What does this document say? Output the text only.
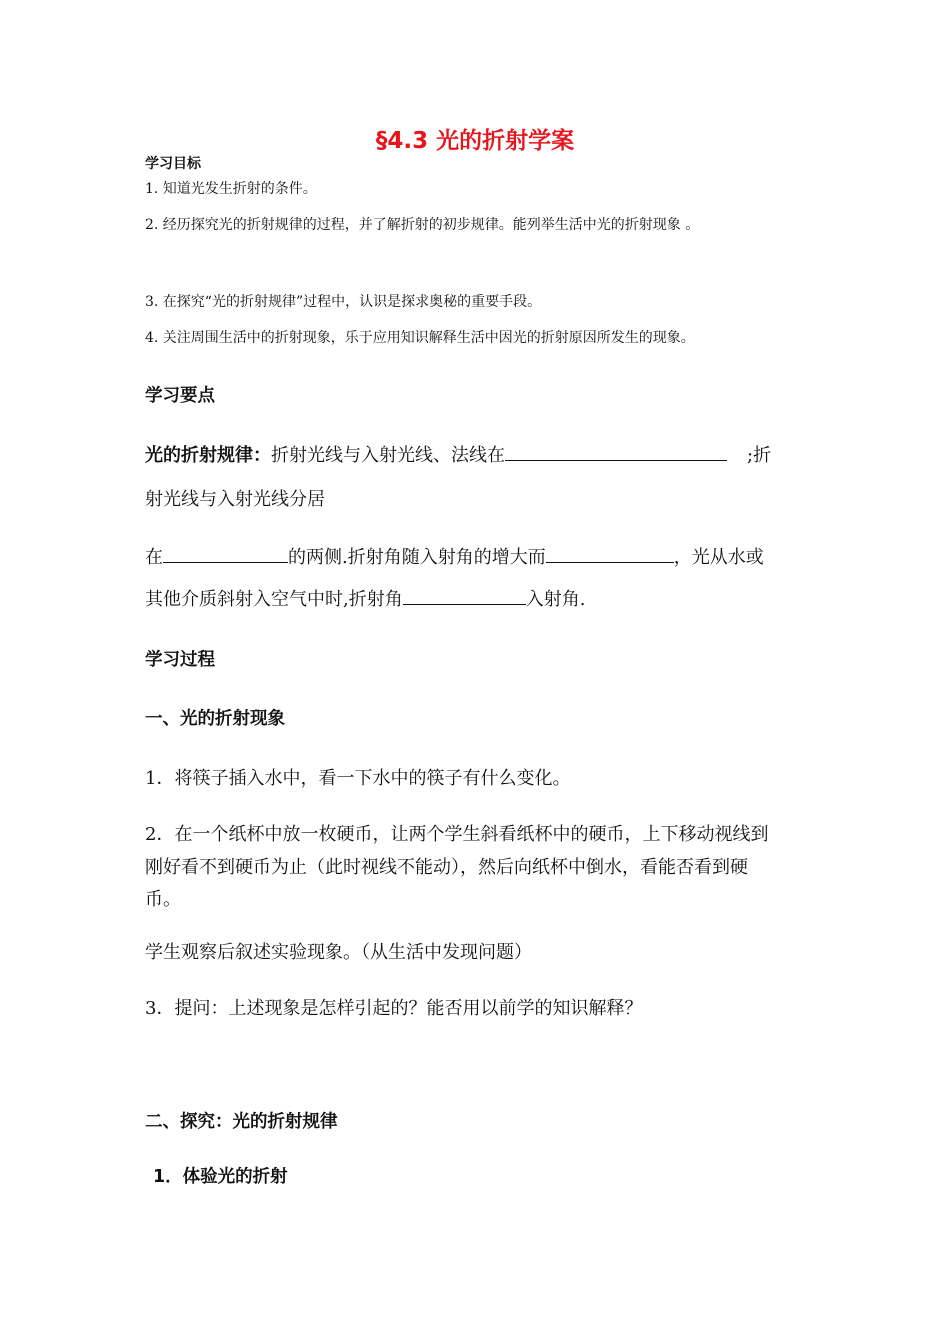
§4.3 光的折射学案
学习目标
1. 知道光发生折射的条件。
2. 经历探究光的折射规律的过程，并了解折射的初步规律。能列举生活中光的折射现象 。
3. 在探究“光的折射规律”过程中，认识是探求奥秘的重要手段。
4. 关注周围生活中的折射现象，乐于应用知识解释生活中因光的折射原因所发生的现象。
学习要点
光的折射规律：折射光线与入射光线、法线在	;折
射光线与入射光线分居
在	的两侧.折射角随入射角的增大而	，光从水或
其他介质斜射入空气中时,折射角	入射角.
学习过程
一、光的折射现象
1．将筷子插入水中，看一下水中的筷子有什么变化。
2．在一个纸杯中放一枚硬币，让两个学生斜看纸杯中的硬币，上下移动视线到
刚好看不到硬币为止（此时视线不能动），然后向纸杯中倒水，看能否看到硬
币。
学生观察后叙述实验现象。（从生活中发现问题）
3．提问：上述现象是怎样引起的？能否用以前学的知识解释？
二、探究：光的折射规律
1．体验光的折射
